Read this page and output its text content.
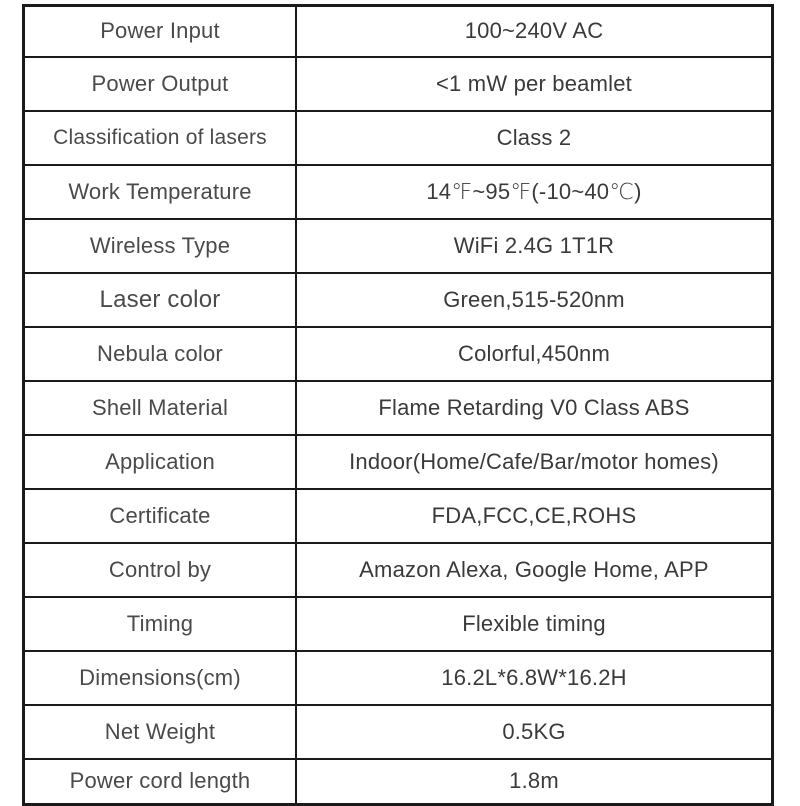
Power Input	100~240V AC
Power Output	<1 mW per beamlet
Classification of lasers	Class 2
Work Temperature	14℉~95℉(-10~40℃)
Wireless Type	WiFi 2.4G 1T1R
Laser color	Green,515-520nm
Nebula color	Colorful,450nm
Shell Material	Flame Retarding V0 Class ABS
Application	Indoor(Home/Cafe/Bar/motor homes)
Certificate	FDA,FCC,CE,ROHS
Control by	Amazon Alexa, Google Home, APP
Timing	Flexible timing
Dimensions(cm)	16.2L*6.8W*16.2H
Net Weight	0.5KG
Power cord length	1.8m
